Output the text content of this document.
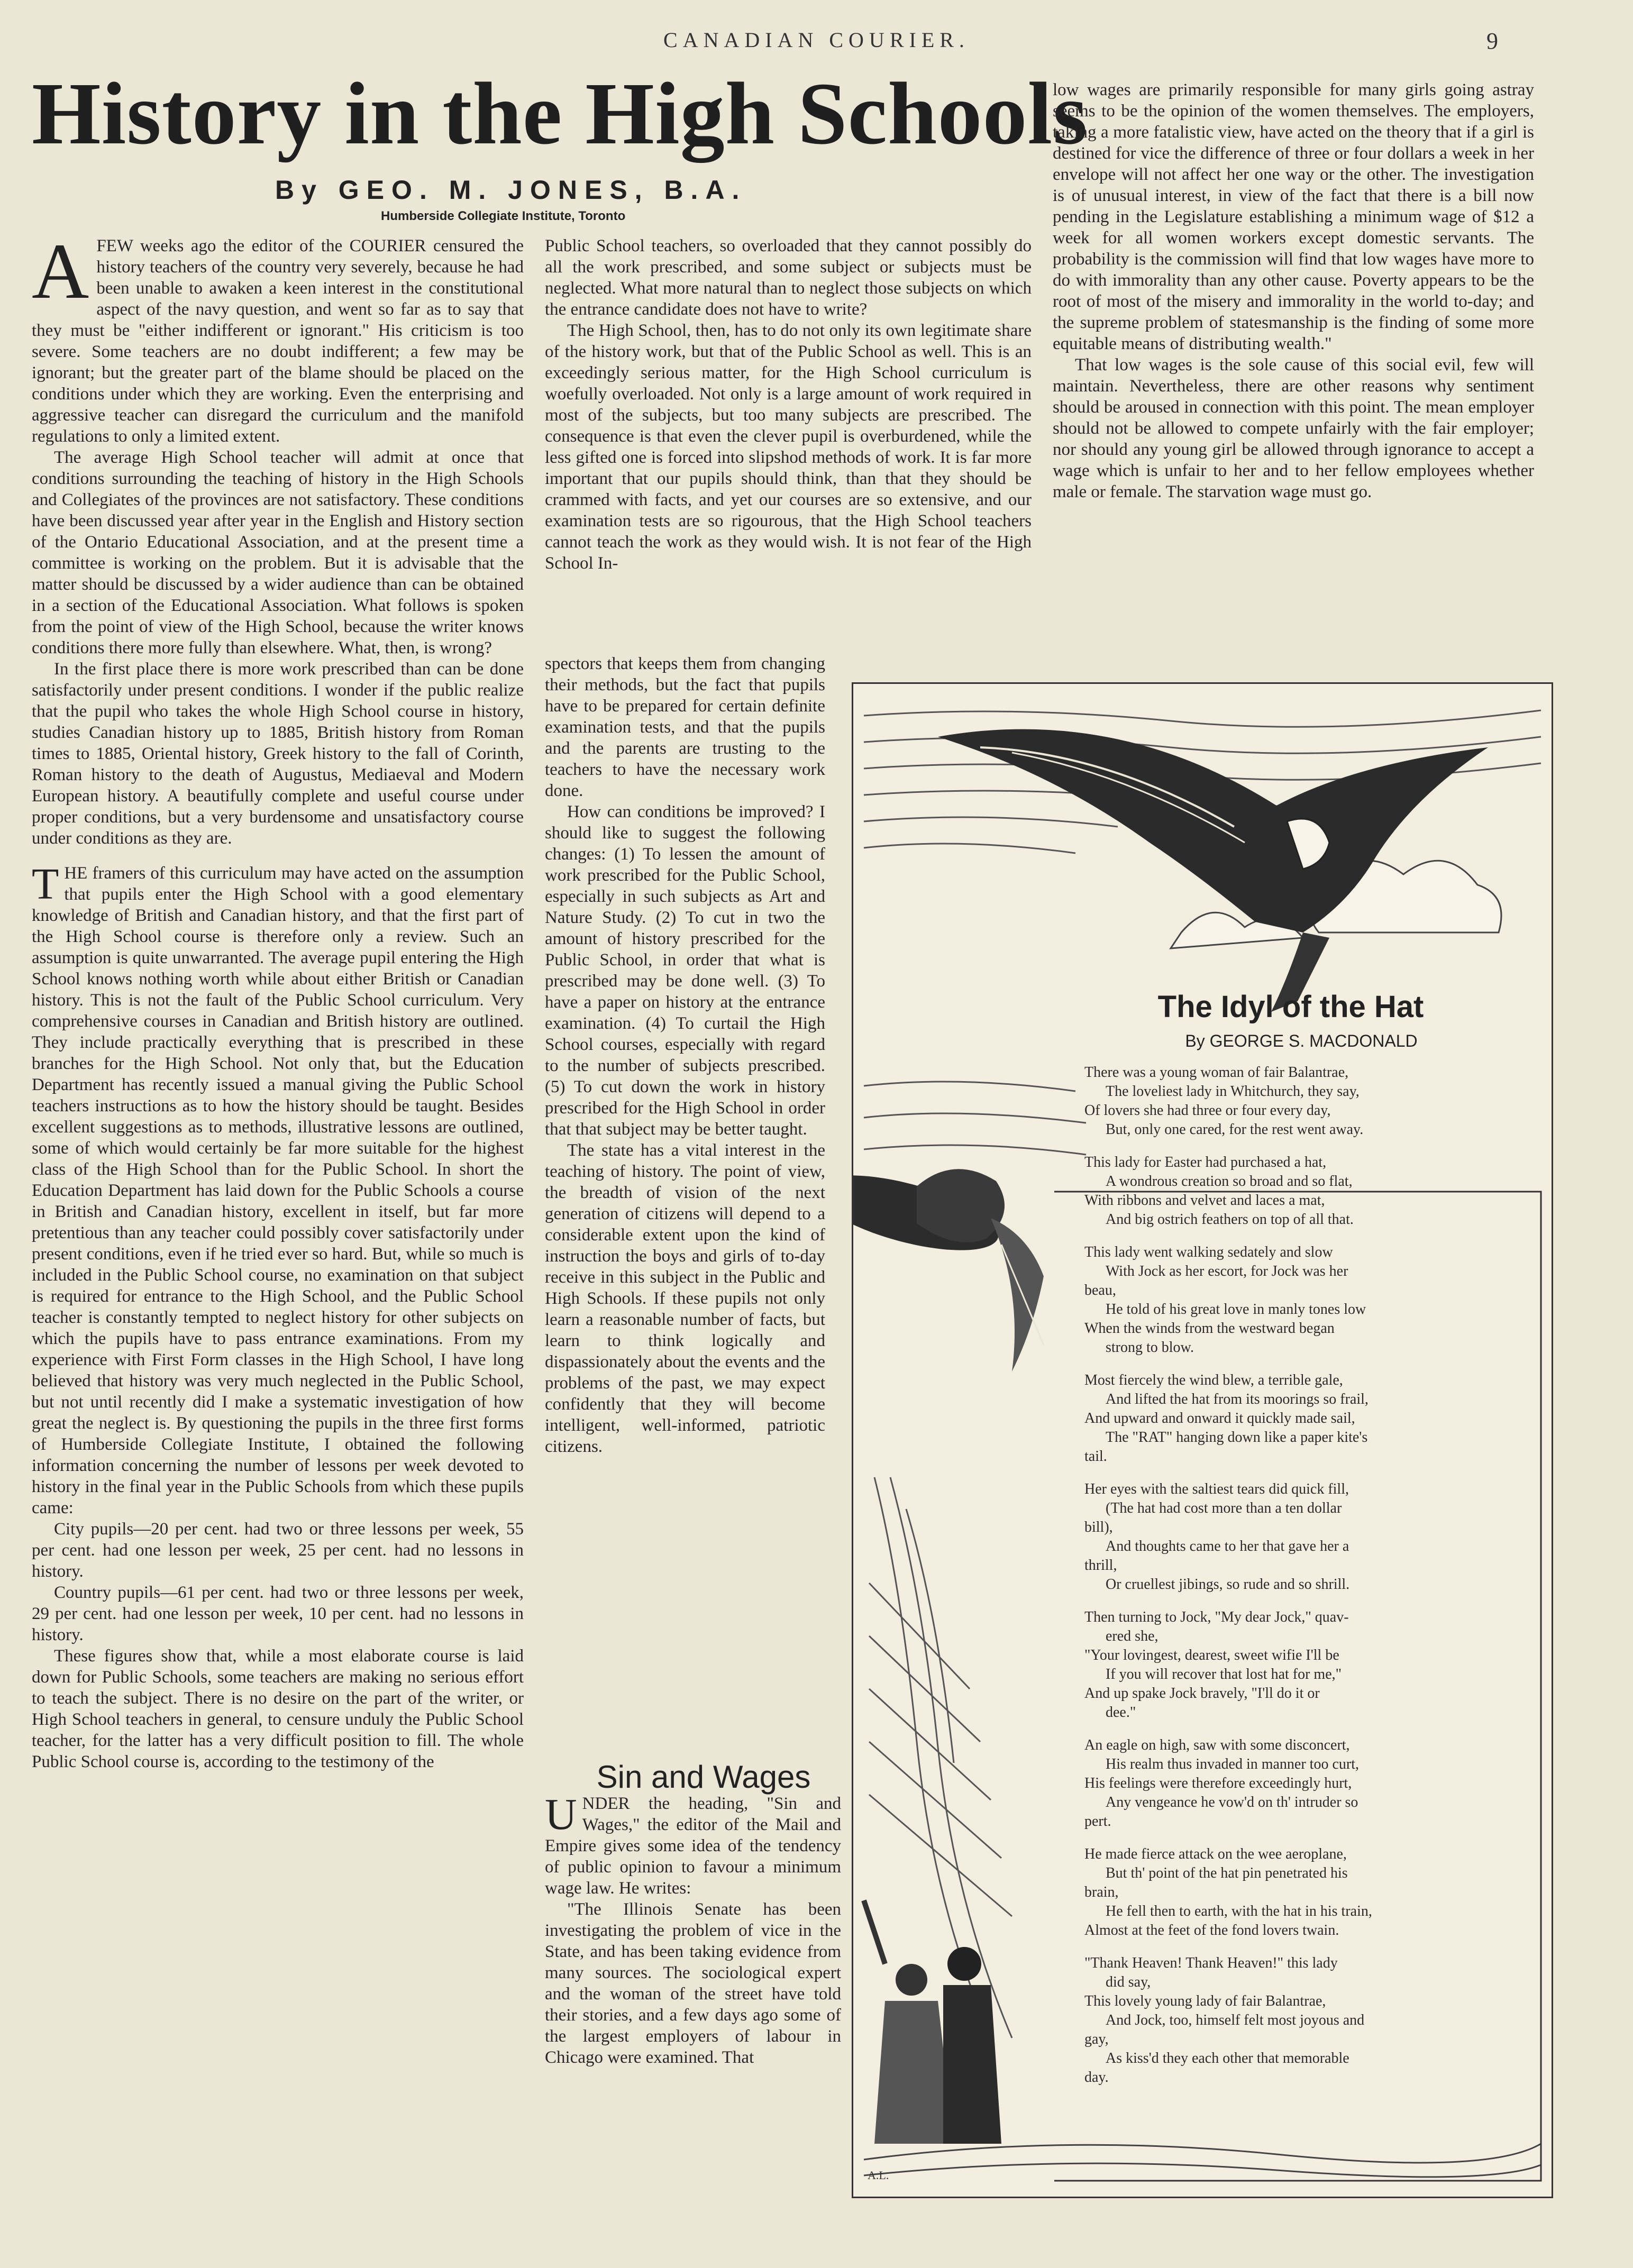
CANADIAN COURIER.	9
History in the High Schools
By GEO. M. JONES, B.A.
Humberside Collegiate Institute, Toronto

AFEW weeks ago the editor of the COURIER censured the history teachers of the country very severely, because he had been unable to awaken a keen interest in the constitutional aspect of the navy question, and went so far as to say that they must be "either indifferent or ignorant." His criticism is too severe. Some teachers are no doubt indifferent; a few may be ignorant; but the greater part of the blame should be placed on the conditions under which they are working. Even the enterprising and aggressive teacher can disregard the curriculum and the manifold regulations to only a limited extent.

The average High School teacher will admit at once that conditions surrounding the teaching of history in the High Schools and Collegiates of the provinces are not satisfactory. These conditions have been discussed year after year in the English and History section of the Ontario Educational Association, and at the present time a committee is working on the problem. But it is advisable that the matter should be discussed by a wider audience than can be obtained in a section of the Educational Association. What follows is spoken from the point of view of the High School, because the writer knows conditions there more fully than elsewhere. What, then, is wrong?

In the first place there is more work prescribed than can be done satisfactorily under present conditions. I wonder if the public realize that the pupil who takes the whole High School course in history, studies Canadian history up to 1885, British history from Roman times to 1885, Oriental history, Greek history to the fall of Corinth, Roman history to the death of Augustus, Mediaeval and Modern European history. A beautifully complete and useful course under proper conditions, but a very burdensome and unsatisfactory course under conditions as they are.

THE framers of this curriculum may have acted on the assumption that pupils enter the High School with a good elementary knowledge of British and Canadian history, and that the first part of the High School course is therefore only a review. Such an assumption is quite unwarranted. The average pupil entering the High School knows nothing worth while about either British or Canadian history. This is not the fault of the Public School curriculum. Very comprehensive courses in Canadian and British history are outlined. They include practically everything that is prescribed in these branches for the High School. Not only that, but the Education Department has recently issued a manual giving the Public School teachers instructions as to how the history should be taught. Besides excellent suggestions as to methods, illustrative lessons are outlined, some of which would certainly be far more suitable for the highest class of the High School than for the Public School. In short the Education Department has laid down for the Public Schools a course in British and Canadian history, excellent in itself, but far more pretentious than any teacher could possibly cover satisfactorily under present conditions, even if he tried ever so hard. But, while so much is included in the Public School course, no examination on that subject is required for entrance to the High School, and the Public School teacher is constantly tempted to neglect history for other subjects on which the pupils have to pass entrance examinations. From my experience with First Form classes in the High School, I have long believed that history was very much neglected in the Public School, but not until recently did I make a systematic investigation of how great the neglect is. By questioning the pupils in the three first forms of Humberside Collegiate Institute, I obtained the following information concerning the number of lessons per week devoted to history in the final year in the Public Schools from which these pupils came:

City pupils—20 per cent. had two or three lessons per week, 55 per cent. had one lesson per week, 25 per cent. had no lessons in history.

Country pupils—61 per cent. had two or three lessons per week, 29 per cent. had one lesson per week, 10 per cent. had no lessons in history.

These figures show that, while a most elaborate course is laid down for Public Schools, some teachers are making no serious effort to teach the subject. There is no desire on the part of the writer, or High School teachers in general, to censure unduly the Public School teacher, for the latter has a very difficult position to fill. The whole Public School course is, according to the testimony of the

Public School teachers, so overloaded that they cannot possibly do all the work prescribed, and some subject or subjects must be neglected. What more natural than to neglect those subjects on which the entrance candidate does not have to write?

The High School, then, has to do not only its own legitimate share of the history work, but that of the Public School as well. This is an exceedingly serious matter, for the High School curriculum is woefully overloaded. Not only is a large amount of work required in most of the subjects, but too many subjects are prescribed. The consequence is that even the clever pupil is overburdened, while the less gifted one is forced into slipshod methods of work. It is far more important that our pupils should think, than that they should be crammed with facts, and yet our courses are so extensive, and our examination tests are so rigourous, that the High School teachers cannot teach the work as they would wish. It is not fear of the High School In-

spectors that keeps them from changing their methods, but the fact that pupils have to be prepared for certain definite examination tests, and that the pupils and the parents are trusting to the teachers to have the necessary work done.

How can conditions be improved? I should like to suggest the following changes: (1) To lessen the amount of work prescribed for the Public School, especially in such subjects as Art and Nature Study. (2) To cut in two the amount of history prescribed for the Public School, in order that what is prescribed may be done well. (3) To have a paper on history at the entrance examination. (4) To curtail the High School courses, especially with regard to the number of subjects prescribed. (5) To cut down the work in history prescribed for the High School in order that that subject may be better taught.

The state has a vital interest in the teaching of history. The point of view, the breadth of vision of the next generation of citizens will depend to a considerable extent upon the kind of instruction the boys and girls of to-day receive in this subject in the Public and High Schools. If these pupils not only learn a reasonable number of facts, but learn to think logically and dispassionately about the events and the problems of the past, we may expect confidently that they will become intelligent, well-informed, patriotic citizens.

Sin and Wages

UNDER the heading, "Sin and Wages," the editor of the Mail and Empire gives some idea of the tendency of public opinion to favour a minimum wage law. He writes:

"The Illinois Senate has been investigating the problem of vice in the State, and has been taking evidence from many sources. The sociological expert and the woman of the street have told their stories, and a few days ago some of the largest employers of labour in Chicago were examined. That

low wages are primarily responsible for many girls going astray seems to be the opinion of the women themselves. The employers, taking a more fatalistic view, have acted on the theory that if a girl is destined for vice the difference of three or four dollars a week in her envelope will not affect her one way or the other. The investigation is of unusual interest, in view of the fact that there is a bill now pending in the Legislature establishing a minimum wage of $12 a week for all women workers except domestic servants. The probability is the commission will find that low wages have more to do with immorality than any other cause. Poverty appears to be the root of most of the misery and immorality in the world to-day; and the supreme problem of statesmanship is the finding of some more equitable means of distributing wealth."

That low wages is the sole cause of this social evil, few will maintain. Nevertheless, there are other reasons why sentiment should be aroused in connection with this point. The mean employer should not be allowed to compete unfairly with the fair employer; nor should any young girl be allowed through ignorance to accept a wage which is unfair to her and to her fellow employees whether male or female. The starvation wage must go.

The Idyl of the Hat
By GEORGE S. MACDONALD
There was a young woman of fair Balantrae,
The loveliest lady in Whitchurch, they say,
Of lovers she had three or four every day,
But, only one cared, for the rest went away.
This lady for Easter had purchased a hat,
A wondrous creation so broad and so flat,
With ribbons and velvet and laces a mat,
And big ostrich feathers on top of all that.
This lady went walking sedately and slow
With Jock as her escort, for Jock was her
beau,
He told of his great love in manly tones low
When the winds from the westward began
strong to blow.
Most fiercely the wind blew, a terrible gale,
And lifted the hat from its moorings so frail,
And upward and onward it quickly made sail,
The "RAT" hanging down like a paper kite's
tail.
Her eyes with the saltiest tears did quick fill,
(The hat had cost more than a ten dollar
bill),
And thoughts came to her that gave her a
thrill,
Or cruellest jibings, so rude and so shrill.
Then turning to Jock, "My dear Jock," quav-
ered she,
"Your lovingest, dearest, sweet wifie I'll be
If you will recover that lost hat for me,"
And up spake Jock bravely, "I'll do it or
dee."
An eagle on high, saw with some disconcert,
His realm thus invaded in manner too curt,
His feelings were therefore exceedingly hurt,
Any vengeance he vow'd on th' intruder so
pert.
He made fierce attack on the wee aeroplane,
But th' point of the hat pin penetrated his
brain,
He fell then to earth, with the hat in his train,
Almost at the feet of the fond lovers twain.
"Thank Heaven! Thank Heaven!" this lady
did say,
This lovely young lady of fair Balantrae,
And Jock, too, himself felt most joyous and
gay,
As kiss'd they each other that memorable
day.
A.L.
